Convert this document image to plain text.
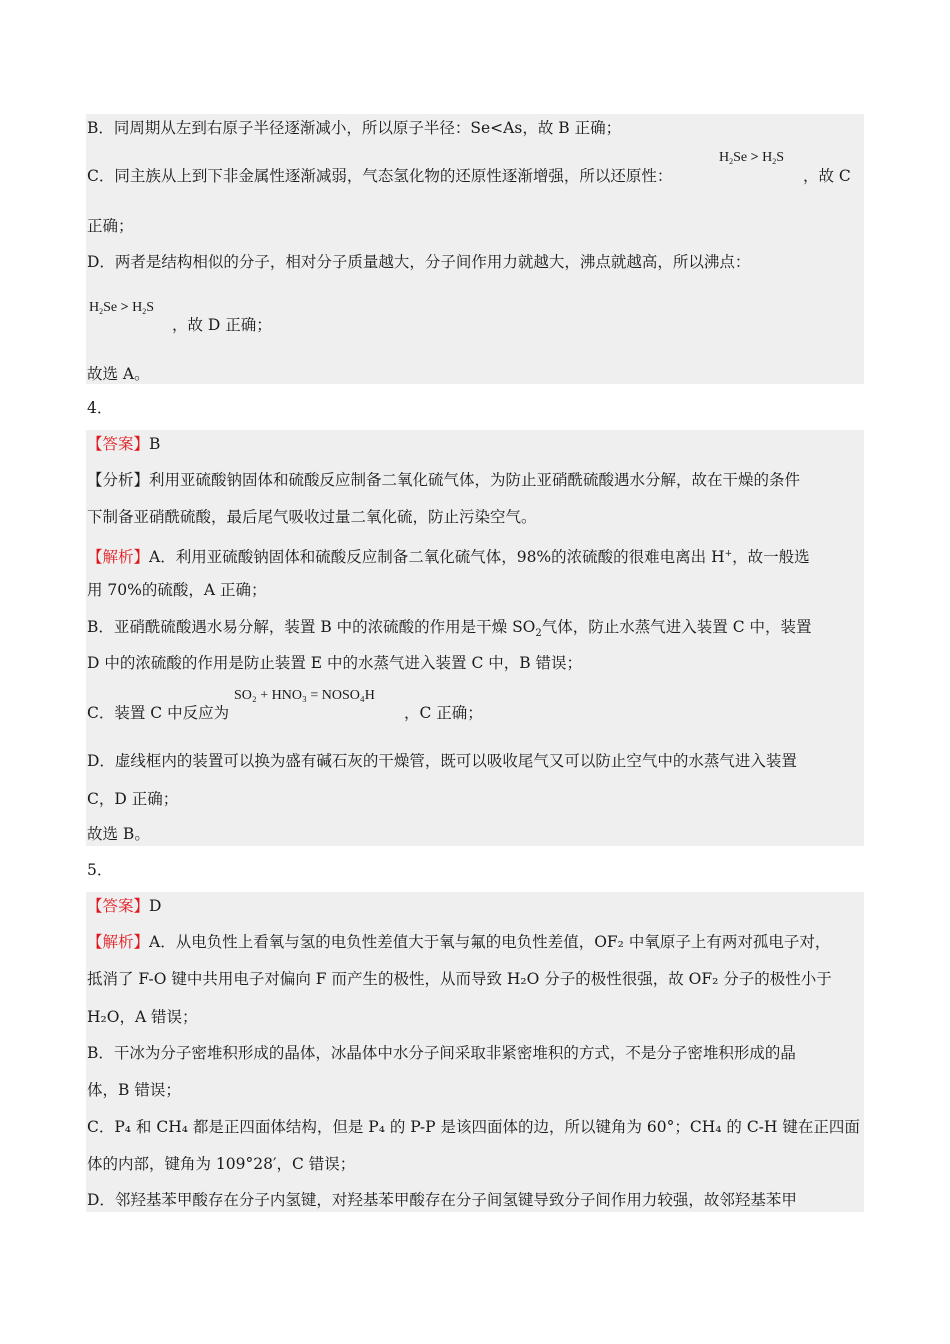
B．同周期从左到右原子半径逐渐减小，所以原子半径：Se<As，故 B 正确；
C．同主族从上到下非金属性逐渐减弱，气态氢化物的还原性逐渐增强，所以还原性：
$H_2Se > H_2S$
，故 C
正确；
D．两者是结构相似的分子，相对分子质量越大，分子间作用力就越大，沸点就越高，所以沸点：
$H_2Se > H_2S$
，故 D 正确；
故选 A。
4．
【答案】B
【分析】利用亚硫酸钠固体和硫酸反应制备二氧化硫气体，为防止亚硝酰硫酸遇水分解，故在干燥的条件
下制备亚硝酰硫酸，最后尾气吸收过量二氧化硫，防止污染空气。
【解析】A．利用亚硫酸钠固体和硫酸反应制备二氧化硫气体，98%的浓硫酸的很难电离出 H+，故一般选
用 70%的硫酸，A 正确；
B．亚硝酰硫酸遇水易分解，装置 B 中的浓硫酸的作用是干燥 $SO_2$气体，防止水蒸气进入装置 C 中，装置
D 中的浓硫酸的作用是防止装置 E 中的水蒸气进入装置 C 中，B 错误；
C．装置 C 中反应为
SO₂ + HNO₃ = NOSO₄H
，C 正确；
D．虚线框内的装置可以换为盛有碱石灰的干燥管，既可以吸收尾气又可以防止空气中的水蒸气进入装置
C，D 正确；
故选 B。
5．
【答案】D
【解析】A．从电负性上看氧与氢的电负性差值大于氧与氟的电负性差值，OF₂ 中氧原子上有两对孤电子对，
抵消了 F-O 键中共用电子对偏向 F 而产生的极性，从而导致 H₂O 分子的极性很强，故 OF₂ 分子的极性小于
H₂O，A 错误；
B．干冰为分子密堆积形成的晶体，冰晶体中水分子间采取非紧密堆积的方式，不是分子密堆积形成的晶
体，B 错误；
C．P₄ 和 CH₄ 都是正四面体结构，但是 P₄ 的 P-P 是该四面体的边，所以键角为 60°；CH₄ 的 C-H 键在正四面
体的内部，键角为 109°28′，C 错误；
D．邻羟基苯甲酸存在分子内氢键，对羟基苯甲酸存在分子间氢键导致分子间作用力较强，故邻羟基苯甲
